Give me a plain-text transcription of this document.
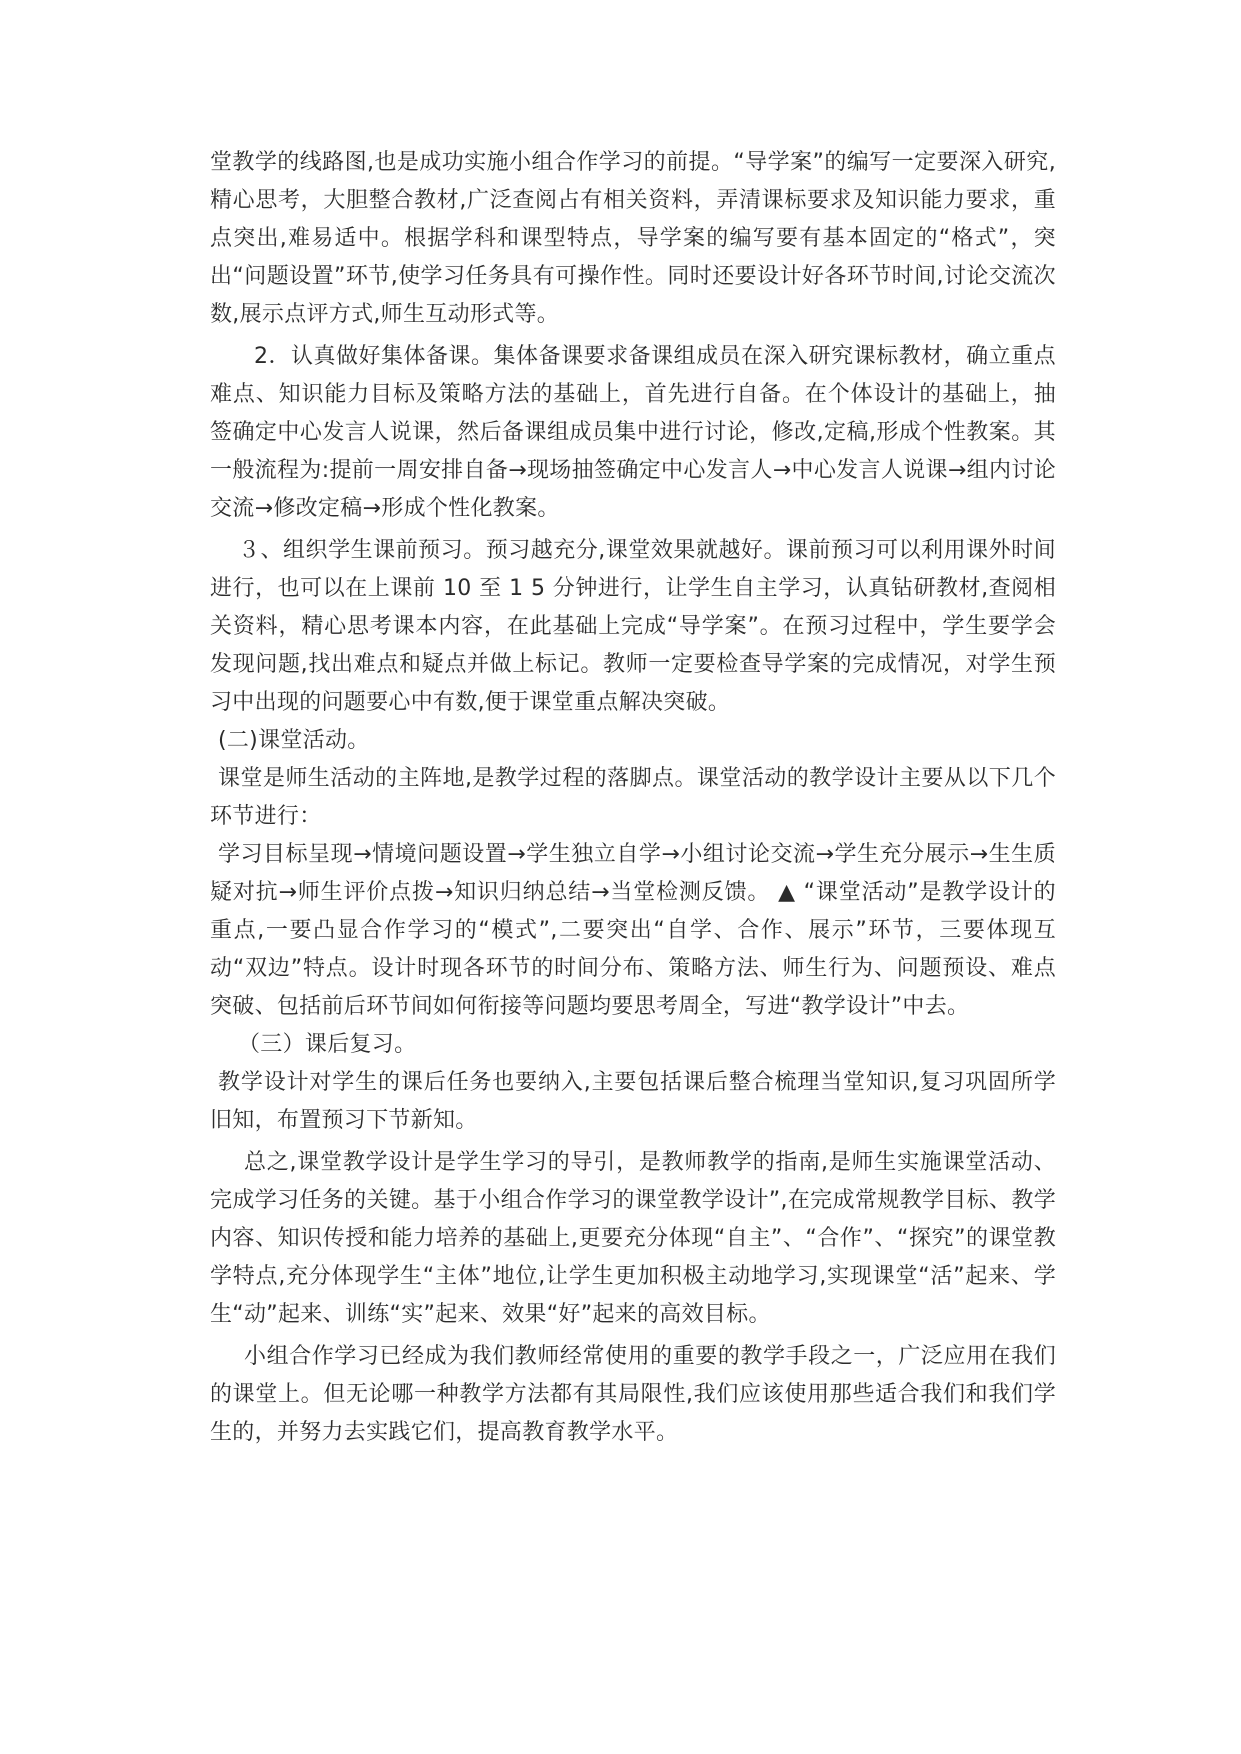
堂教学的线路图,也是成功实施小组合作学习的前提。“导学案”的编写一定要深入研究,精心思考，大胆整合教材,广泛查阅占有相关资料，弄清课标要求及知识能力要求，重点突出,难易适中。根据学科和课型特点，导学案的编写要有基本固定的“格式”，突出“问题设置”环节,使学习任务具有可操作性。同时还要设计好各环节时间,讨论交流次数,展示点评方式,师生互动形式等。

2．认真做好集体备课。集体备课要求备课组成员在深入研究课标教材，确立重点难点、知识能力目标及策略方法的基础上，首先进行自备。在个体设计的基础上，抽签确定中心发言人说课，然后备课组成员集中进行讨论，修改,定稿,形成个性教案。其一般流程为:提前一周安排自备→现场抽签确定中心发言人→中心发言人说课→组内讨论交流→修改定稿→形成个性化教案。

３、组织学生课前预习。预习越充分,课堂效果就越好。课前预习可以利用课外时间进行，也可以在上课前 10 至 1 5 分钟进行，让学生自主学习，认真钻研教材,查阅相关资料，精心思考课本内容，在此基础上完成“导学案”。在预习过程中，学生要学会发现问题,找出难点和疑点并做上标记。教师一定要检查导学案的完成情况，对学生预习中出现的问题要心中有数,便于课堂重点解决突破。

(二)课堂活动。

课堂是师生活动的主阵地,是教学过程的落脚点。课堂活动的教学设计主要从以下几个环节进行：

学习目标呈现→情境问题设置→学生独立自学→小组讨论交流→学生充分展示→生生质疑对抗→师生评价点拨→知识归纳总结→当堂检测反馈。 ▲ “课堂活动”是教学设计的重点,一要凸显合作学习的“模式”,二要突出“自学、合作、展示”环节，三要体现互动“双边”特点。设计时现各环节的时间分布、策略方法、师生行为、问题预设、难点突破、包括前后环节间如何衔接等问题均要思考周全，写进“教学设计”中去。

（三）课后复习。

教学设计对学生的课后任务也要纳入,主要包括课后整合梳理当堂知识,复习巩固所学旧知，布置预习下节新知。

总之,课堂教学设计是学生学习的导引，是教师教学的指南,是师生实施课堂活动、完成学习任务的关键。基于小组合作学习的课堂教学设计”,在完成常规教学目标、教学内容、知识传授和能力培养的基础上,更要充分体现“自主”、“合作”、“探究”的课堂教学特点,充分体现学生“主体”地位,让学生更加积极主动地学习,实现课堂“活”起来、学生“动”起来、训练“实”起来、效果“好”起来的高效目标。

小组合作学习已经成为我们教师经常使用的重要的教学手段之一，广泛应用在我们的课堂上。但无论哪一种教学方法都有其局限性,我们应该使用那些适合我们和我们学生的，并努力去实践它们，提高教育教学水平。
